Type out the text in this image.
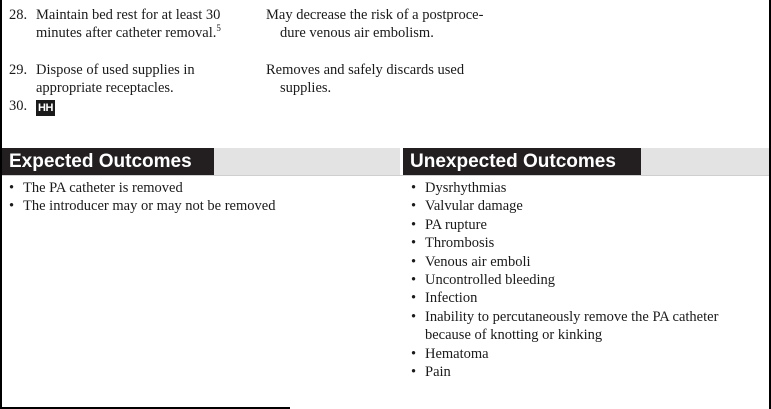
28. Maintain bed rest for at least 30 minutes after catheter removal.$^5$
May decrease the risk of a postproce-
dure venous air embolism.
29. Dispose of used supplies in appropriate receptacles.
Removes and safely discards used
supplies.
30. HH
Expected Outcomes	Unexpected Outcomes
• The PA catheter is removed
• The introducer may or may not be removed
• Dysrhythmias
• Valvular damage
• PA rupture
• Thrombosis
• Venous air emboli
• Uncontrolled bleeding
• Infection
• Inability to percutaneously remove the PA catheter because of knotting or kinking
• Hematoma
• Pain
